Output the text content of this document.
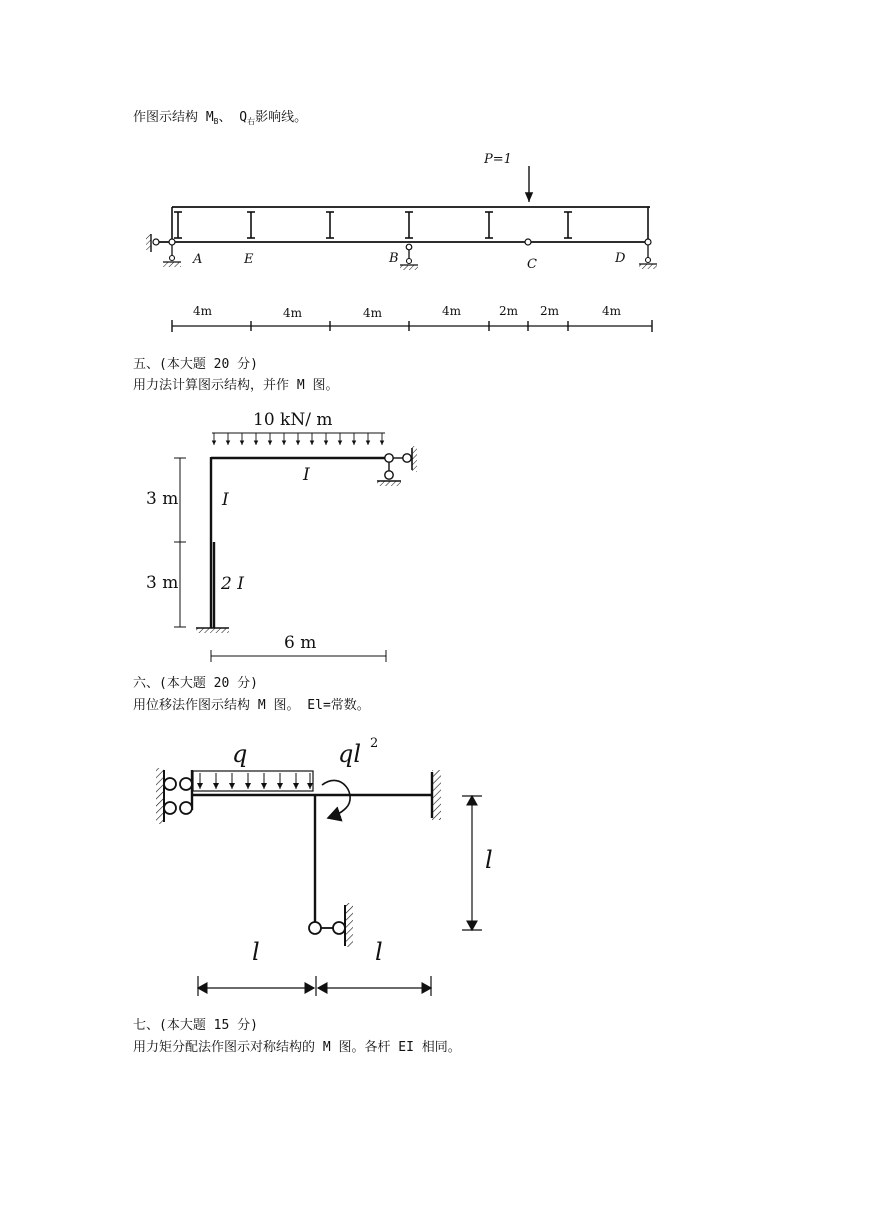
作图示结构 $M_B$、 $Q_右$影响线。
五、(本大题 20 分)
用力法计算图示结构，并作 M 图。
六、(本大题 20 分)
用位移法作图示结构 M 图。 El=常数。
七、(本大题 15 分)
用力矩分配法作图示对称结构的 M 图。各杆 EI 相同。
P=1
A	E	B	C	D
4m	4m	4m	4m	2m 2m	4m
10 kN/ m
I
I
2 I
3 m
3 m
6 m
q	ql 2
l
l	l
